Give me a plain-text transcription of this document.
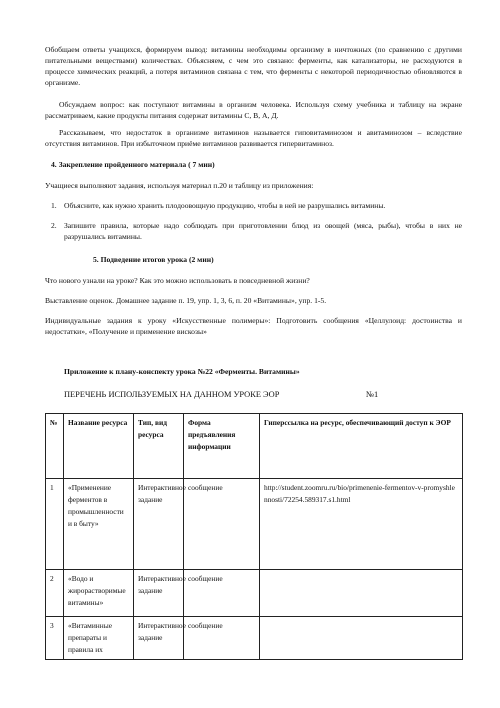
Обобщаем ответы учащихся, формируем вывод: витамины необходимы организму в ничтожных (по сравнению с другими питательными веществами) количествах. Объясняем, с чем это связано: ферменты, как катализаторы, не расходуются в процессе химических реакций, а потеря витаминов связана с тем, что ферменты с некоторой периодичностью обновляются в организме.
Обсуждаем вопрос: как поступают витамины в организм человека. Используя схему учебника и таблицу на экране рассматриваем, какие продукты питания содержат витамины С, В, А, Д.
Рассказываем, что недостаток в организме витаминов называется гиповитаминозом и авитаминозом – вследствие отсутствия витаминов. При избыточном приёме витаминов развивается гипервитаминоз.
4. Закрепление пройденного материала ( 7 мин)
Учащиеся выполняют задания, используя материал п.20 и таблицу из приложения:
1. Объясните, как нужно хранить плодоовощную продукцию, чтобы в ней не разрушались витамины.
2. Запишите правила, которые надо соблюдать при приготовлении блюд из овощей (мяса, рыбы), чтобы в них не разрушались витамины.
5. Подведение итогов урока (2 мин)
Что нового узнали на уроке? Как это можно использовать в повседневной жизни?
Выставление оценок. Домашнее задание п. 19, упр. 1, 3, 6, п. 20 «Витамины», упр. 1-5.
Индивидуальные задания к уроку «Искусственные полимеры»: Подготовить сообщения «Целлулоид: достоинства и недостатки», «Получение и применение вискозы»
Приложение к плану-конспекту урока №22 «Ферменты. Витамины»
ПЕРЕЧЕНЬ ИСПОЛЬЗУЕМЫХ НА ДАННОМ УРОКЕ ЭОР	№1
№	Название ресурса	Тип, вид ресурса	Форма предъявления информации	Гиперссылка на ресурс, обеспечивающий доступ к ЭОР
1	«Применение ферментов в промышленности и в быту»	Интерактивное задание	сообщение	http://student.zoomru.ru/bio/primenenie-fermentov-v-promyshlennosti/72254.589317.s1.html
2	«Водо и жирорастворимые витамины»	Интерактивное задание	сообщение	
3	«Витаминные препараты и правила их	Интерактивное задание	сообщение	
